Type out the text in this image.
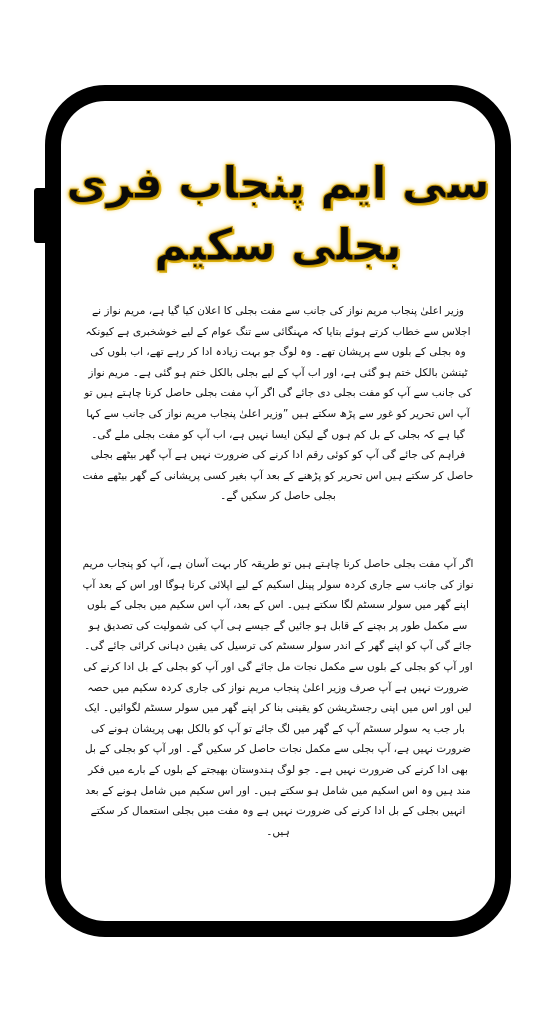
سی ایم پنجاب فری
بجلی سکیم

وزیر اعلیٰ پنجاب مریم نواز کی جانب سے مفت بجلی کا اعلان کیا گیا ہے، مریم نواز نے اجلاس سے خطاب کرتے ہوئے بتایا کہ مہنگائی سے تنگ عوام کے لیے خوشخبری ہے کیونکہ وہ بجلی کے بلوں سے پریشان تھے۔ وہ لوگ جو بہت زیادہ ادا کر رہے تھے، اب بلوں کی ٹینشن بالکل ختم ہو گئی ہے، اور اب آپ کے لیے بجلی بالکل ختم ہو گئی ہے۔ مریم نواز کی جانب سے آپ کو مفت بجلی دی جائے گی اگر آپ مفت بجلی حاصل کرنا چاہتے ہیں تو آپ اس تحریر کو غور سے پڑھ سکتے ہیں ”وزیر اعلیٰ پنجاب مریم نواز کی جانب سے کہا گیا ہے کہ بجلی کے بل کم ہوں گے لیکن ایسا نہیں ہے، اب آپ کو مفت بجلی ملے گی۔ فراہم کی جائے گی آپ کو کوئی رقم ادا کرنے کی ضرورت نہیں ہے آپ گھر بیٹھے بجلی حاصل کر سکتے ہیں اس تحریر کو پڑھنے کے بعد آپ بغیر کسی پریشانی کے گھر بیٹھے مفت بجلی حاصل کر سکیں گے۔

اگر آپ مفت بجلی حاصل کرنا چاہتے ہیں تو طریقہ کار بہت آسان ہے، آپ کو پنجاب مریم نواز کی جانب سے جاری کردہ سولر پینل اسکیم کے لیے اپلائی کرنا ہوگا اور اس کے بعد آپ اپنے گھر میں سولر سسٹم لگا سکتے ہیں۔ اس کے بعد، آپ اس سکیم میں بجلی کے بلوں سے مکمل طور پر بچنے کے قابل ہو جائیں گے جیسے ہی آپ کی شمولیت کی تصدیق ہو جائے گی آپ کو اپنے گھر کے اندر سولر سسٹم کی ترسیل کی یقین دہانی کرائی جائے گی۔ اور آپ کو بجلی کے بلوں سے مکمل نجات مل جائے گی اور آپ کو بجلی کے بل ادا کرنے کی ضرورت نہیں ہے آپ صرف وزیر اعلیٰ پنجاب مریم نواز کی جاری کردہ سکیم میں حصہ لیں اور اس میں اپنی رجسٹریشن کو یقینی بنا کر اپنے گھر میں سولر سسٹم لگوائیں۔ ایک بار جب یہ سولر سسٹم آپ کے گھر میں لگ جائے تو آپ کو بالکل بھی پریشان ہونے کی ضرورت نہیں ہے، آپ بجلی سے مکمل نجات حاصل کر سکیں گے۔ اور آپ کو بجلی کے بل بھی ادا کرنے کی ضرورت نہیں ہے۔ جو لوگ ہندوستان بھیجتے کے بلوں کے بارے میں فکر مند ہیں وہ اس اسکیم میں شامل ہو سکتے ہیں۔ اور اس سکیم میں شامل ہونے کے بعد انہیں بجلی کے بل ادا کرنے کی ضرورت نہیں ہے وہ مفت میں بجلی استعمال کر سکتے ہیں۔
